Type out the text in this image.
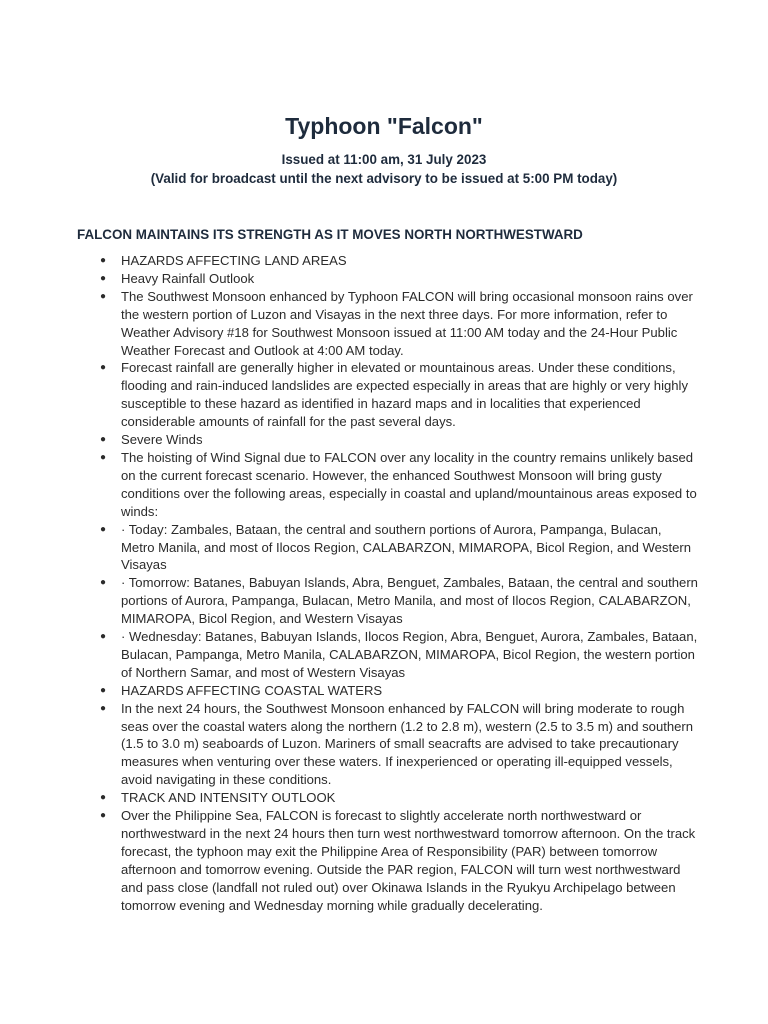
Typhoon "Falcon"
Issued at 11:00 am, 31 July 2023
(Valid for broadcast until the next advisory to be issued at 5:00 PM today)
FALCON MAINTAINS ITS STRENGTH AS IT MOVES NORTH NORTHWESTWARD
● HAZARDS AFFECTING LAND AREAS
● Heavy Rainfall Outlook
● The Southwest Monsoon enhanced by Typhoon FALCON will bring occasional monsoon rains over the western portion of Luzon and Visayas in the next three days. For more information, refer to Weather Advisory #18 for Southwest Monsoon issued at 11:00 AM today and the 24-Hour Public Weather Forecast and Outlook at 4:00 AM today.
● Forecast rainfall are generally higher in elevated or mountainous areas. Under these conditions, flooding and rain-induced landslides are expected especially in areas that are highly or very highly susceptible to these hazard as identified in hazard maps and in localities that experienced considerable amounts of rainfall for the past several days.
● Severe Winds
● The hoisting of Wind Signal due to FALCON over any locality in the country remains unlikely based on the current forecast scenario. However, the enhanced Southwest Monsoon will bring gusty conditions over the following areas, especially in coastal and upland/mountainous areas exposed to winds:
● · Today: Zambales, Bataan, the central and southern portions of Aurora, Pampanga, Bulacan, Metro Manila, and most of Ilocos Region, CALABARZON, MIMAROPA, Bicol Region, and Western Visayas
● · Tomorrow: Batanes, Babuyan Islands, Abra, Benguet, Zambales, Bataan, the central and southern portions of Aurora, Pampanga, Bulacan, Metro Manila, and most of Ilocos Region, CALABARZON, MIMAROPA, Bicol Region, and Western Visayas
● · Wednesday: Batanes, Babuyan Islands, Ilocos Region, Abra, Benguet, Aurora, Zambales, Bataan, Bulacan, Pampanga, Metro Manila, CALABARZON, MIMAROPA, Bicol Region, the western portion of Northern Samar, and most of Western Visayas
● HAZARDS AFFECTING COASTAL WATERS
● In the next 24 hours, the Southwest Monsoon enhanced by FALCON will bring moderate to rough seas over the coastal waters along the northern (1.2 to 2.8 m), western (2.5 to 3.5 m) and southern (1.5 to 3.0 m) seaboards of Luzon. Mariners of small seacrafts are advised to take precautionary measures when venturing over these waters. If inexperienced or operating ill-equipped vessels, avoid navigating in these conditions.
● TRACK AND INTENSITY OUTLOOK
● Over the Philippine Sea, FALCON is forecast to slightly accelerate north northwestward or northwestward in the next 24 hours then turn west northwestward tomorrow afternoon. On the track forecast, the typhoon may exit the Philippine Area of Responsibility (PAR) between tomorrow afternoon and tomorrow evening. Outside the PAR region, FALCON will turn west northwestward and pass close (landfall not ruled out) over Okinawa Islands in the Ryukyu Archipelago between tomorrow evening and Wednesday morning while gradually decelerating.
